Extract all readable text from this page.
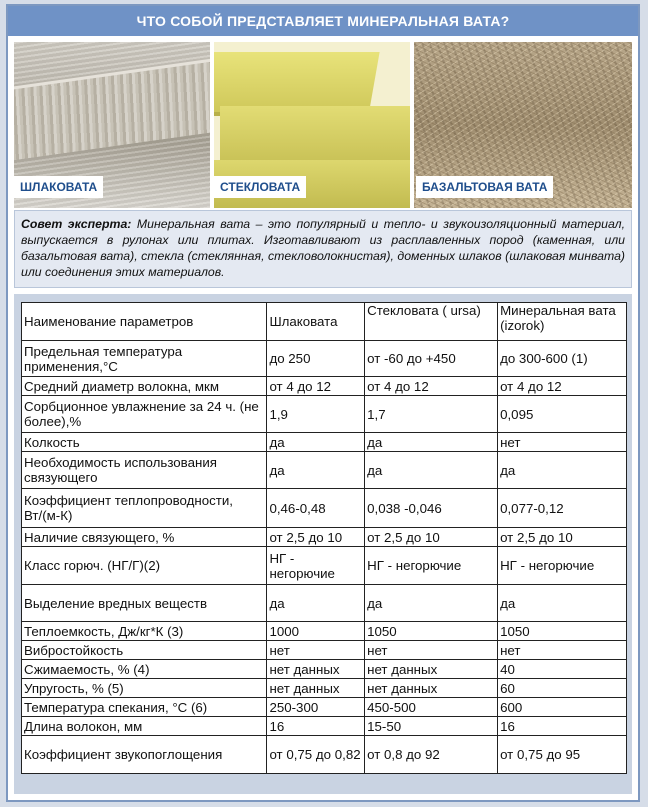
ЧТО СОБОЙ ПРЕДСТАВЛЯЕТ МИНЕРАЛЬНАЯ ВАТА?
ШЛАКОВАТА	СТЕКЛОВАТА	БАЗАЛЬТОВАЯ ВАТА
Совет эксперта: Минеральная вата – это популярный и тепло- и звукоизоляционный материал, выпускается в рулонах или плитах. Изготавливают из расплавленных пород (каменная, или базальтовая вата), стекла (стеклянная, стекловолокнистая), доменных шлаков (шлаковая минвата) или соединения этих материалов.
Наименование параметров	Шлаковата	Стекловата ( ursa)	Минеральная вата (izorok)
Предельная температура применения,°С	до 250	от -60 до +450	до 300-600 (1)
Средний диаметр волокна, мкм	от 4 до 12	от 4 до 12	от 4 до 12
Сорбционное увлажнение за 24 ч. (не более),%	1,9	1,7	0,095
Колкость	да	да	нет
Необходимость использования связующего	да	да	да
Коэффициент теплопроводности, Вт/(м-К)	0,46-0,48	0,038 -0,046	0,077-0,12
Наличие связующего, %	от 2,5 до 10	от 2,5 до 10	от 2,5 до 10
Класс горюч. (НГ/Г)(2)	НГ - негорючие	НГ - негорючие	НГ - негорючие
Выделение вредных веществ	да	да	да
Теплоемкость, Дж/кг*К (3)	1000	1050	1050
Вибростойкость	нет	нет	нет
Сжимаемость, % (4)	нет данных	нет данных	40
Упругость, % (5)	нет данных	нет данных	60
Температура спекания, °С (6)	250-300	450-500	600
Длина волокон, мм	16	15-50	16
Коэффициент звукопоглощения	от 0,75 до 0,82	от 0,8 до 92	от 0,75 до 95
